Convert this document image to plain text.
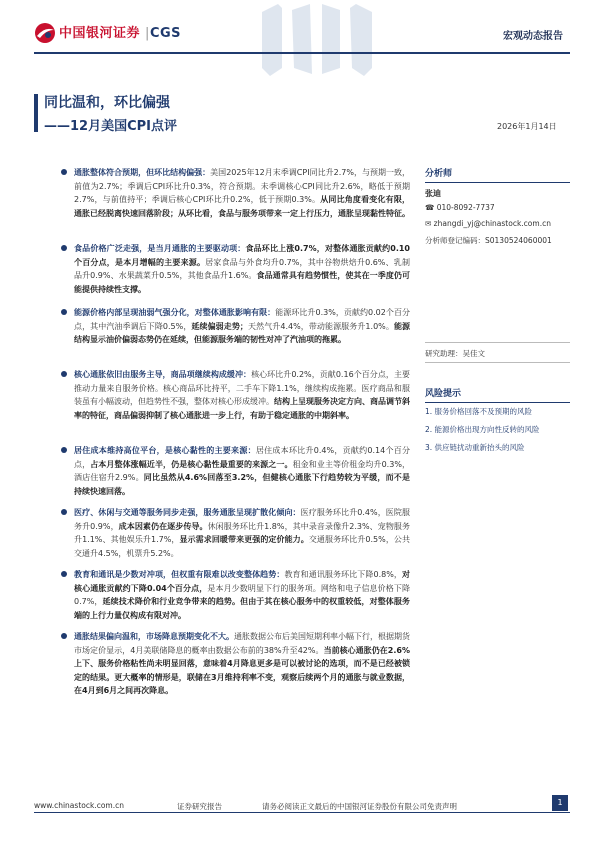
中国银河证券 |CGS	宏观动态报告
同比温和，环比偏强
——12月美国CPI点评	2026年1月14日

通胀整体符合预期，但环比结构偏强：美国2025年12月末季调CPI同比升2.7%，与预期一致，前值为2.7%；季调后CPI环比升0.3%，符合预期。未季调核心CPI同比升2.6%，略低于预期2.7%，与前值持平；季调后核心CPI环比升0.2%，低于预期0.3%。从同比角度看变化有限，通胀已经脱离快速回落阶段；从环比看，食品与服务项带来一定上行压力，通胀呈现黏性特征。

食品价格广泛走强，是当月通胀的主要驱动项：食品环比上涨0.7%，对整体通胀贡献约0.10个百分点，是本月增幅的主要来源。居家食品与外食均升0.7%，其中谷物烘焙升0.6%、乳制品升0.9%、水果蔬菜升0.5%，其他食品升1.6%。食品通常具有趋势惯性，使其在一季度仍可能提供持续性支撑。

能源价格内部呈现油弱气强分化，对整体通胀影响有限：能源环比升0.3%，贡献约0.02个百分点，其中汽油季调后下降0.5%，延续偏弱走势；天然气升4.4%，带动能源服务升1.0%。能源结构显示油价偏弱态势仍在延续，但能源服务端的韧性对冲了汽油项的拖累。

核心通胀依旧由服务主导，商品项继续构成缓冲：核心环比升0.2%，贡献0.16个百分点，主要推动力量来自服务价格。核心商品环比持平，二手车下降1.1%，继续构成拖累。医疗商品和服装虽有小幅波动，但趋势性不强，整体对核心形成缓冲。结构上呈现服务决定方向、商品调节斜率的特征，商品偏弱抑制了核心通胀进一步上行，有助于稳定通胀的中期斜率。

居住成本维持高位平台，是核心黏性的主要来源：居住成本环比升0.4%，贡献约0.14个百分点，占本月整体涨幅近半，仍是核心黏性最重要的来源之一。租金和业主等价租金均升0.3%，酒店住宿升2.9%。同比虽然从4.6%回落至3.2%，但健核心通胀下行趋势较为平缓，而不是持续快速回落。

医疗、休闲与交通等服务同步走强，服务通胀呈现扩散化倾向：医疗服务环比升0.4%，医院服务升0.9%，成本因素仍在逐步传导。休闲服务环比升1.8%，其中录音录像升2.3%、宠物服务升1.1%、其他娱乐升1.7%，显示需求回暖带来更强的定价能力。交通服务环比升0.5%，公共交通升4.5%，机票升5.2%。

教育和通讯是少数对冲项，但权重有限难以改变整体趋势：教育和通讯服务环比下降0.8%，对核心通胀贡献约下降0.04个百分点，是本月少数明显下行的服务项。网络和电子信息价格下降0.7%，延续技术降价和行业竞争带来的趋势。但由于其在核心服务中的权重较低，对整体服务端的上行力量仅构成有限对冲。

通胀结果偏向温和，市场降息预期变化不大。通胀数据公布后美国短期利率小幅下行，根据期货市场定价显示，4月美联储降息的概率由数据公布前的38%升至42%。当前核心通胀仍在2.6%上下、服务价格粘性尚未明显回落，意味着4月降息更多是可以被讨论的选项，而不是已经被锁定的结果。更大概率的情形是，联储在3月维持利率不变，观察后续两个月的通胀与就业数据，在4月到6月之间再次降息。

分析师
张迪
☎ 010-8092-7737
✉ zhangdi_yj@chinastock.com.cn
分析师登记编码：S0130524060001
研究助理：吴佳文
风险提示
1. 服务价格回落不及预期的风险
2. 能源价格出现方向性反转的风险
3. 供应链扰动重新抬头的风险
www.chinastock.com.cn	证券研究报告	请务必阅读正文最后的中国银河证券股份有限公司免责声明	1
